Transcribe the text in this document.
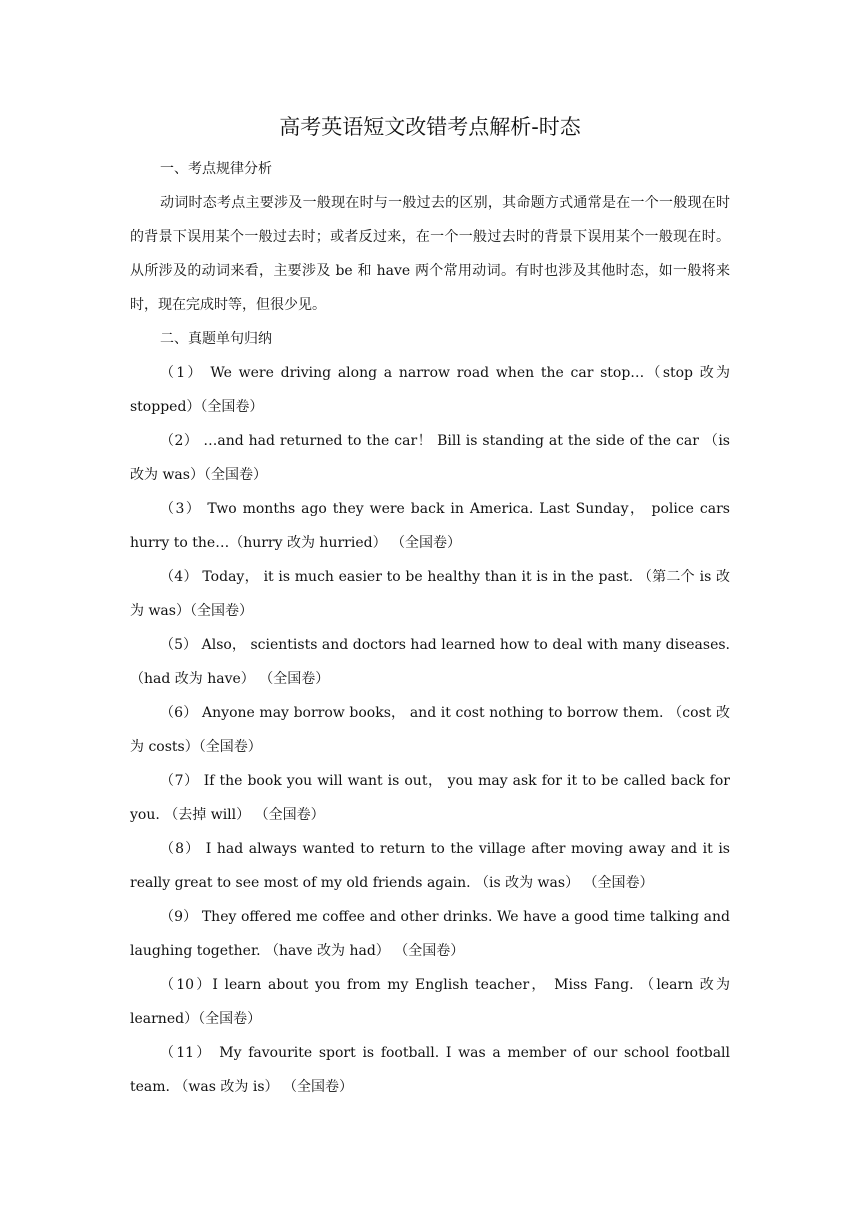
高考英语短文改错考点解析-时态

一、考点规律分析

动词时态考点主要涉及一般现在时与一般过去的区别，其命题方式通常是在一个一般现在时的背景下误用某个一般过去时；或者反过来，在一个一般过去时的背景下误用某个一般现在时。从所涉及的动词来看，主要涉及 be 和 have 两个常用动词。有时也涉及其他时态，如一般将来时，现在完成时等，但很少见。

二、真题单句归纳

（1） We were driving along a narrow road when the car stop…（stop 改为 stopped）（全国卷）

（2） …and had returned to the car！ Bill is standing at the side of the car （is 改为 was）（全国卷）

（3） Two months ago they were back in America. Last Sunday， police cars hurry to the…（hurry 改为 hurried） （全国卷）

（4） Today， it is much easier to be healthy than it is in the past. （第二个 is 改为 was）（全国卷）

（5） Also， scientists and doctors had learned how to deal with many diseases. （had 改为 have） （全国卷）

（6） Anyone may borrow books， and it cost nothing to borrow them. （cost 改为 costs）（全国卷）

（7） If the book you will want is out， you may ask for it to be called back for you. （去掉 will） （全国卷）

（8） I had always wanted to return to the village after moving away and it is really great to see most of my old friends again. （is 改为 was） （全国卷）

（9） They offered me coffee and other drinks. We have a good time talking and laughing together. （have 改为 had） （全国卷）

（10）I learn about you from my English teacher， Miss Fang. （learn 改为 learned）（全国卷）

（11） My favourite sport is football. I was a member of our school football team. （was 改为 is） （全国卷）
